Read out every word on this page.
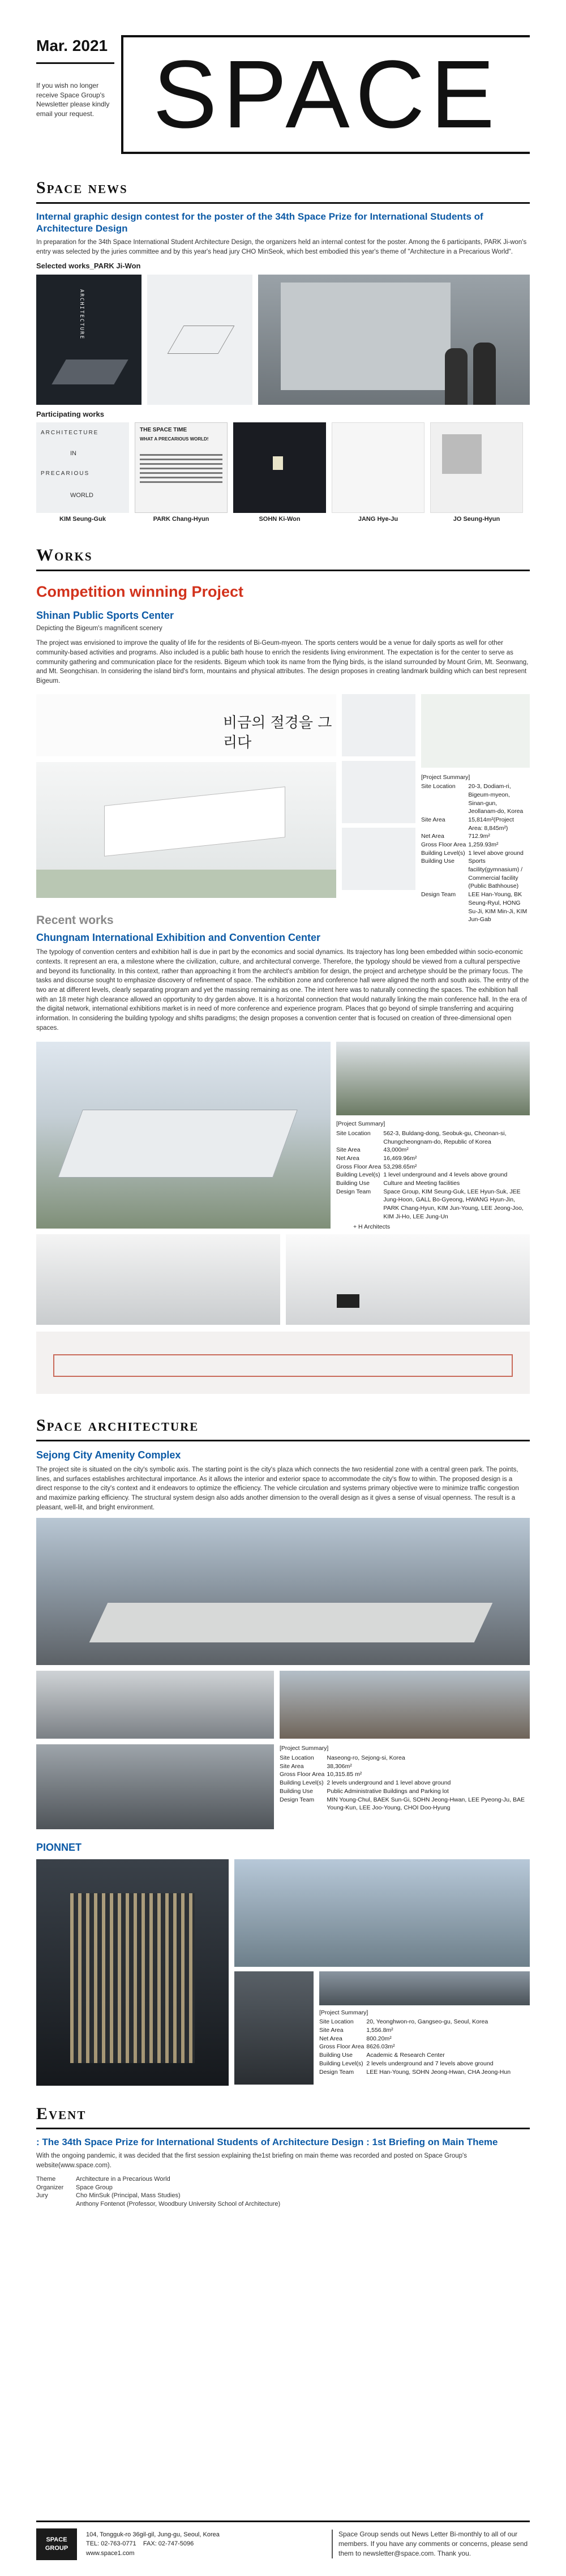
Mar. 2021
If you wish no longer receive Space Group's Newsletter please kindly email your request. SPACE
Space news
Internal graphic design contest for the poster of the 34th Space Prize for International Students of Architecture Design
In preparation for the 34th Space International Student Architecture Design, the organizers held an internal contest for the poster. Among the 6 participants, PARK Ji-won's entry was selected by the juries committee and by this year's head jury CHO MinSeok, which best embodied this year's theme of "Architecture in a Precarious World".
Selected works_PARK Ji-Won
ARCHITECTURE
Participating works
ARCHITECTURE
IN
PRECARIOUS
WORLD
KIM Seung-Guk
THE SPACE TIME
WHAT A PRECARIOUS WORLD!
PARK Chang-Hyun	SOHN Ki-Won	JANG Hye-Ju	JO Seung-Hyun
Works
Competition winning Project
Shinan Public Sports Center
Depicting the Bigeum's magnificent scenery
The project was envisioned to improve the quality of life for the residents of Bi-Geum-myeon. The sports centers would be a venue for daily sports as well for other community-based activities and programs. Also included is a public bath house to enrich the residents living environment. The expectation is for the center to serve as community gathering and communication place for the residents. Bigeum which took its name from the flying birds, is the island surrounded by Mount Grim, Mt. Seonwang, and Mt. Seongchisan. In considering the island bird's form, mountains and physical attributes. The design proposes in creating landmark building which can best represent Bigeum.
비금의 절경을 그리다
[Project Summary]
Site Location	20-3, Dodiam-ri, Bigeum-myeon, Sinan-gun, Jeollanam-do, Korea
Site Area	15,814m²(Project Area: 8,845m²)
Net Area	712.9m²
Gross Floor Area	1,259.93m²
Building Level(s)	1 level above ground
Building Use	Sports facility(gymnasium) / Commercial facility (Public Bathhouse)
Design Team	LEE Han-Young, BK Seung-Ryul, HONG Su-Ji, KIM Min-Ji, KIM Jun-Gab
Recent works
Chungnam International Exhibition and Convention Center
The typology of convention centers and exhibition hall is due in part by the economics and social dynamics. Its trajectory has long been embedded within socio-economic contexts. It represent an era, a milestone where the civilization, culture, and architectural converge. Therefore, the typology should be viewed from a cultural perspective and beyond its functionality. In this context, rather than approaching it from the architect's ambition for design, the project and archetype should be the primary focus. The tasks and discourse sought to emphasize discovery of refinement of space. The exhibition zone and conference hall were aligned the north and south axis. The entry of the two are at different levels, clearly separating program and yet the massing remaining as one. The intent here was to naturally connecting the spaces. The exhibition hall with an 18 meter high clearance allowed an opportunity to dry garden above. It is a horizontal connection that would naturally linking the main conference hall. In the era of the digital network, international exhibitions market is in need of more conference and experience program. Places that go beyond of simple transferring and acquiring information. In considering the building typology and shifts paradigms; the design proposes a convention center that is focused on creation of three-dimensional open spaces.
[Project Summary]
Site Location	562-3, Buldang-dong, Seobuk-gu, Cheonan-si, Chungcheongnam-do, Republic of Korea
Site Area	43,000m²
Net Area	16,469.96m²
Gross Floor Area	53,298.65m²
Building Level(s)	1 level underground and 4 levels above ground
Building Use	Culture and Meeting facilities
Design Team	Space Group, KIM Seung-Guk, LEE Hyun-Suk, JEE Jung-Hoon, GALL Bo-Gyeong, HWANG Hyun-Jin, PARK Chang-Hyun, KIM Jun-Young, LEE Jeong-Joo, KIM Ji-Ho, LEE Jung-Un
+ H Architects
Space architecture
Sejong City Amenity Complex
The project site is situated on the city's symbolic axis. The starting point is the city's plaza which connects the two residential zone with a central green park. The points, lines, and surfaces establishes architectural importance. As it allows the interior and exterior space to accommodate the city's flow to within. The proposed design is a direct response to the city's context and it endeavors to optimize the efficiency. The vehicle circulation and systems primary objective were to minimize traffic congestion and maximize parking efficiency. The structural system design also adds another dimension to the overall design as it gives a sense of visual openness. The result is a pleasant, well-lit, and bright environment.
[Project Summary]
Site Location	Naseong-ro, Sejong-si, Korea
Site Area	38,306m²
Gross Floor Area	10,315.85 m²
Building Level(s)	2 levels underground and 1 level above ground
Building Use	Public Administrative Buildings and Parking lot
Design Team	MIN Young-Chul, BAEK Sun-Gi, SOHN Jeong-Hwan, LEE Pyeong-Ju, BAE Young-Kun, LEE Joo-Young, CHOI Doo-Hyung
PIONNET
[Project Summary]
Site Location	20, Yeonghwon-ro, Gangseo-gu, Seoul, Korea
Site Area	1,556.8m²
Net Area	800.20m²
Gross Floor Area	8626.03m²
Building Use	Academic & Research Center
Building Level(s)	2 levels underground and 7 levels above ground
Design Team	LEE Han-Young, SOHN Jeong-Hwan, CHA Jeong-Hun
Event
: The 34th Space Prize for International Students of Architecture Design : 1st Briefing on Main Theme
With the ongoing pandemic, it was decided that the first session explaining the1st briefing on main theme was recorded and posted on Space Group's website(www.space.com).
Theme	Architecture in a Precarious World
Organizer	Space Group
Jury	Cho MinSuk (Principal, Mass Studies)
	Anthony Fontenot (Professor, Woodbury University School of Architecture)
SPACE
GROUP
104, Tongguk-ro 36gil-gil, Jung-gu, Seoul, Korea
TEL: 02-763-0771 FAX: 02-747-5096
www.space1.com
Space Group sends out News Letter Bi-monthly to all of our members. If you have any comments or concerns, please send them to newsletter@space.com. Thank you.
